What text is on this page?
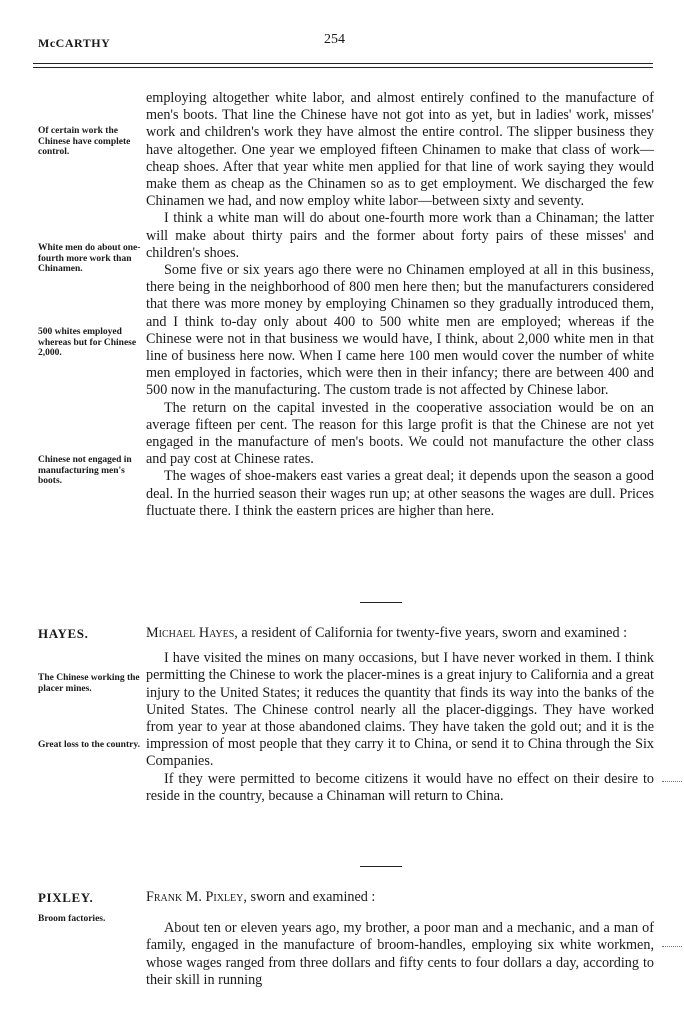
McCARTHY	254
Of certain work the Chinese have complete control.
White men do about one-fourth more work than Chinamen.
500 whites employed whereas but for Chinese 2,000.
Chinese not engaged in manufacturing men's boots.

employing altogether white labor, and almost entirely confined to the manufacture of men's boots. That line the Chinese have not got into as yet, but in ladies' work, misses' work and children's work they have almost the entire control. The slipper business they have altogether. One year we employed fifteen Chinamen to make that class of work—cheap shoes. After that year white men applied for that line of work saying they would make them as cheap as the Chinamen so as to get employment. We discharged the few Chinamen we had, and now employ white labor—between sixty and seventy.

I think a white man will do about one-fourth more work than a Chinaman; the latter will make about thirty pairs and the former about forty pairs of these misses' and children's shoes.

Some five or six years ago there were no Chinamen employed at all in this business, there being in the neighborhood of 800 men here then; but the manufacturers considered that there was more money by employing Chinamen so they gradually introduced them, and I think to-day only about 400 to 500 white men are employed; whereas if the Chinese were not in that business we would have, I think, about 2,000 white men in that line of business here now. When I came here 100 men would cover the number of white men employed in factories, which were then in their infancy; there are between 400 and 500 now in the manufacturing. The custom trade is not affected by Chinese labor.

The return on the capital invested in the cooperative association would be on an average fifteen per cent. The reason for this large profit is that the Chinese are not yet engaged in the manufacture of men's boots. We could not manufacture the other class and pay cost at Chinese rates.

The wages of shoe-makers east varies a great deal; it depends upon the season a good deal. In the hurried season their wages run up; at other seasons the wages are dull. Prices fluctuate there. I think the eastern prices are higher than here.

HAYES.
The Chinese working the placer mines.
Great loss to the country.

Michael Hayes, a resident of California for twenty-five years, sworn and examined :

I have visited the mines on many occasions, but I have never worked in them. I think permitting the Chinese to work the placer-mines is a great injury to California and a great injury to the United States; it reduces the quantity that finds its way into the banks of the United States. The Chinese control nearly all the placer-diggings. They have worked from year to year at those abandoned claims. They have taken the gold out; and it is the impression of most people that they carry it to China, or send it to China through the Six Companies.

If they were permitted to become citizens it would have no effect on their desire to reside in the country, because a Chinaman will return to China.

PIXLEY.
Broom factories.

Frank M. Pixley, sworn and examined :

About ten or eleven years ago, my brother, a poor man and a mechanic, and a man of family, engaged in the manufacture of broom-handles, employing six white workmen, whose wages ranged from three dollars and fifty cents to four dollars a day, according to their skill in running
